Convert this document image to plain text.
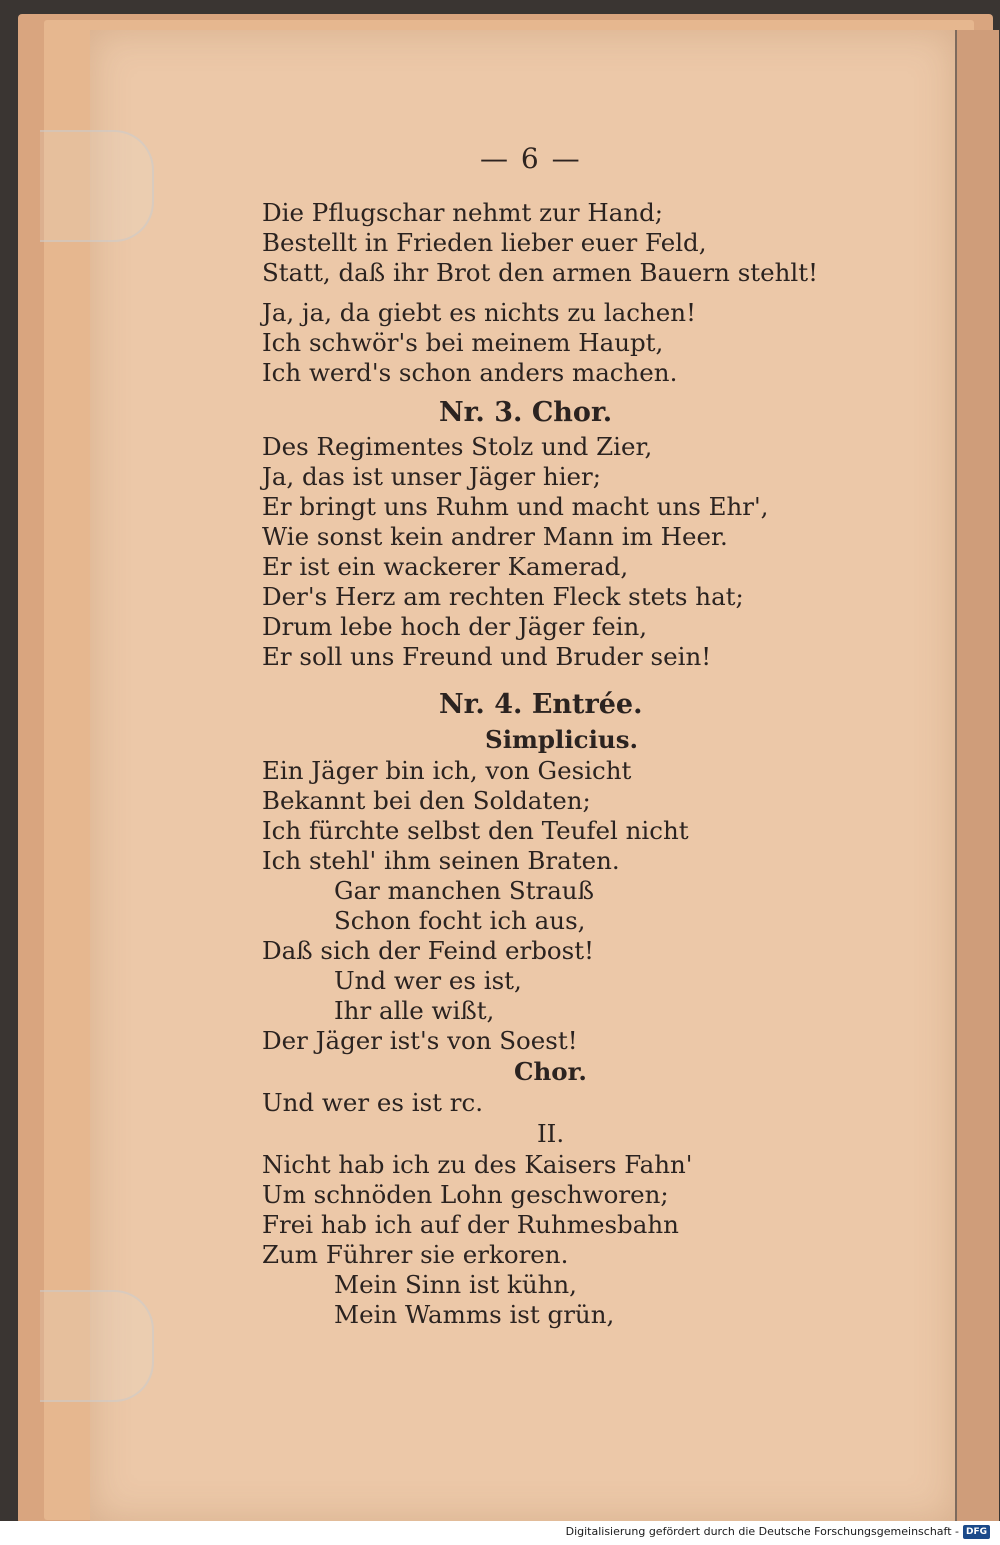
— 6 —
Die Pflugschar nehmt zur Hand;
Bestellt in Frieden lieber euer Feld,
Statt, daß ihr Brot den armen Bauern stehlt!
Ja, ja, da giebt es nichts zu lachen!
Ich schwör's bei meinem Haupt,
Ich werd's schon anders machen.
Nr. 3. Chor.
Des Regimentes Stolz und Zier,
Ja, das ist unser Jäger hier;
Er bringt uns Ruhm und macht uns Ehr',
Wie sonst kein andrer Mann im Heer.
Er ist ein wackerer Kamerad,
Der's Herz am rechten Fleck stets hat;
Drum lebe hoch der Jäger fein,
Er soll uns Freund und Bruder sein!
Nr. 4. Entrée.
Simplicius.
Ein Jäger bin ich, von Gesicht
Bekannt bei den Soldaten;
Ich fürchte selbst den Teufel nicht
Ich stehl' ihm seinen Braten.
Gar manchen Strauß
Schon focht ich aus,
Daß sich der Feind erbost!
Und wer es ist,
Ihr alle wißt,
Der Jäger ist's von Soest!
Chor.
Und wer es ist rc.
II.
Nicht hab ich zu des Kaisers Fahn'
Um schnöden Lohn geschworen;
Frei hab ich auf der Ruhmesbahn
Zum Führer sie erkoren.
Mein Sinn ist kühn,
Mein Wamms ist grün,
Digitalisierung gefördert durch die Deutsche Forschungsgemeinschaft - DFG
